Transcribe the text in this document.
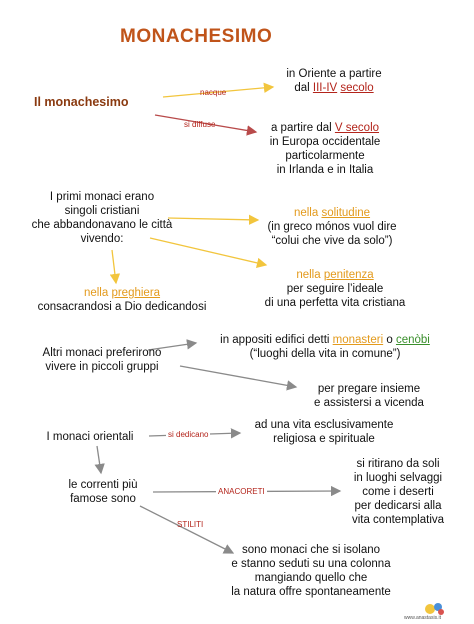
MONACHESIMO
Il monachesimo
nacque
si diffuse
si dedicano
ANACORETI
STILITI
in Oriente a partire
dal III-IV secolo
a partire dal V secolo
in Europa occidentale
particolarmente
in Irlanda e in Italia
I primi monaci erano
singoli cristiani
che abbandonavano le città
vivendo:
nella solitudine
(in greco mónos vuol dire
“colui che vive da solo”)
nella penitenza
per seguire l’ideale
di una perfetta vita cristiana
nella preghiera
consacrandosi a Dio dedicandosi
Altri monaci preferirono
vivere in piccoli gruppi
in appositi edifici detti monasteri o cenòbi
(“luoghi della vita in comune”)
per pregare insieme
e assistersi a vicenda
I monaci orientali
ad una vita esclusivamente
religiosa e spirituale
le correnti più
famose sono
si ritirano da soli
in luoghi selvaggi
come i deserti
per dedicarsi alla
vita contemplativa
sono monaci che si isolano
e stanno seduti su una colonna
mangiando quello che
la natura offre spontaneamente
www.anastasis.it
